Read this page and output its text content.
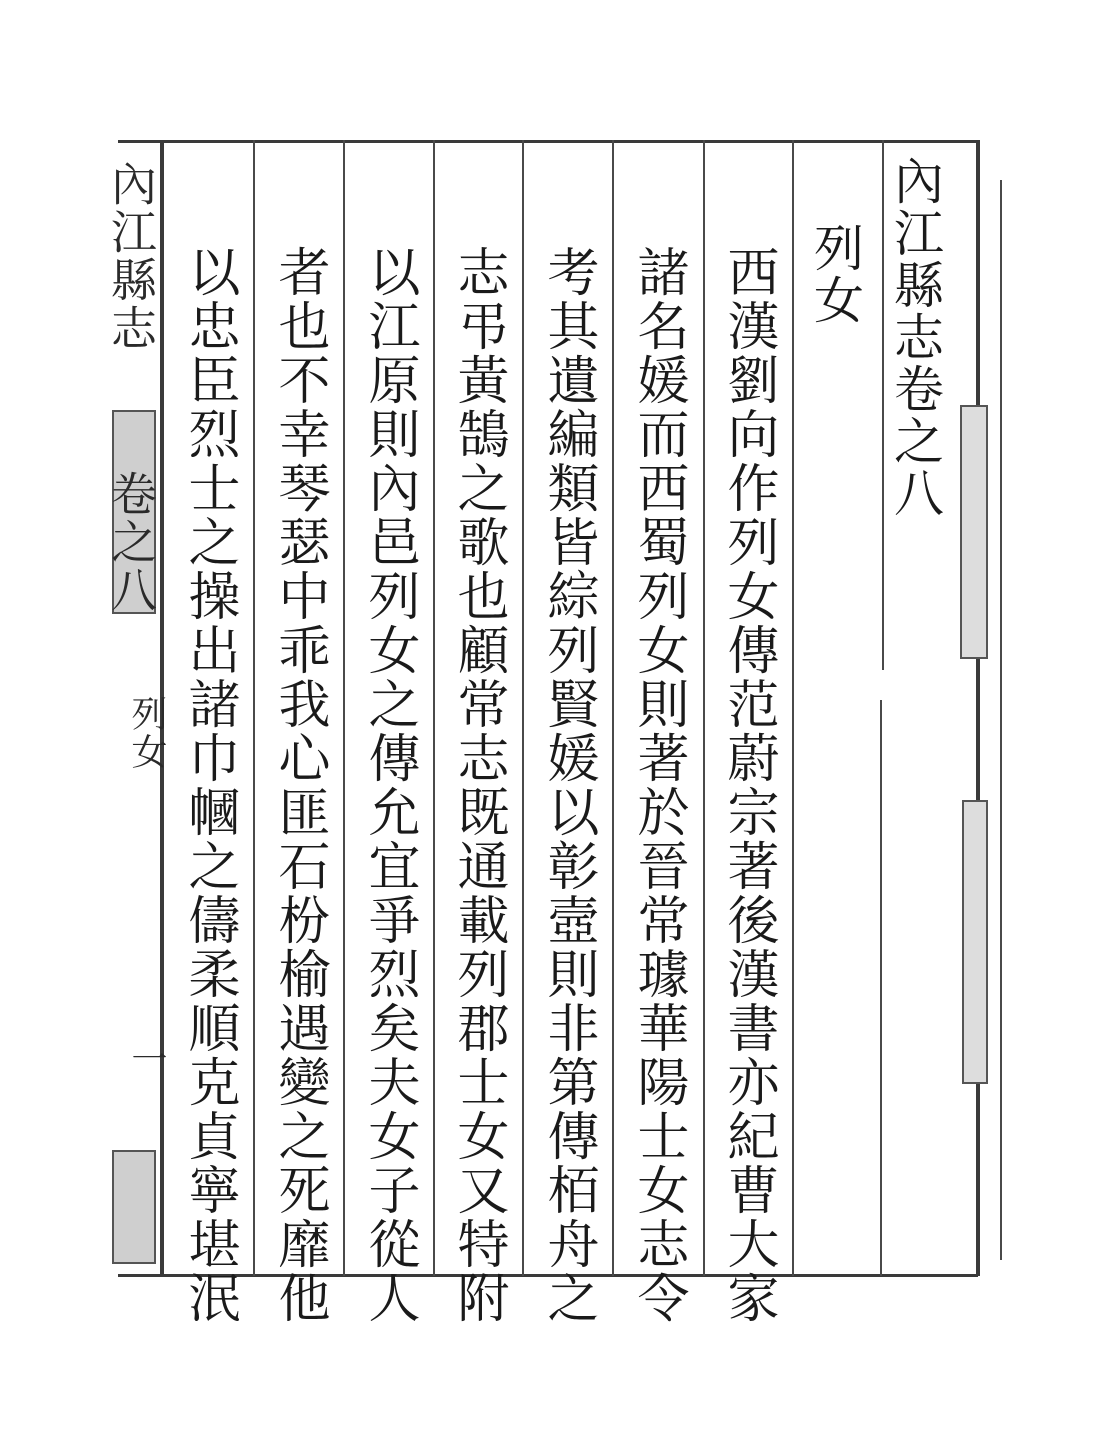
內江縣志卷之八
列女
西漢劉向作列女傳范蔚宗著後漢書亦紀曹大家
諸名媛而西蜀列女則著於晉常璩華陽士女志令
考其遺編類皆綜列賢媛以彰壼則非第傳栢舟之
志弔黃鵠之歌也顧常志既通載列郡士女又特附
以江原則內邑列女之傳允宜爭烈矣夫女子從人
者也不幸琴瑟中乖我心匪石枌榆遇變之死靡他
以忠臣烈士之操出諸巾幗之儔柔順克貞寧堪泯
內江縣志
卷之八
列女
一
